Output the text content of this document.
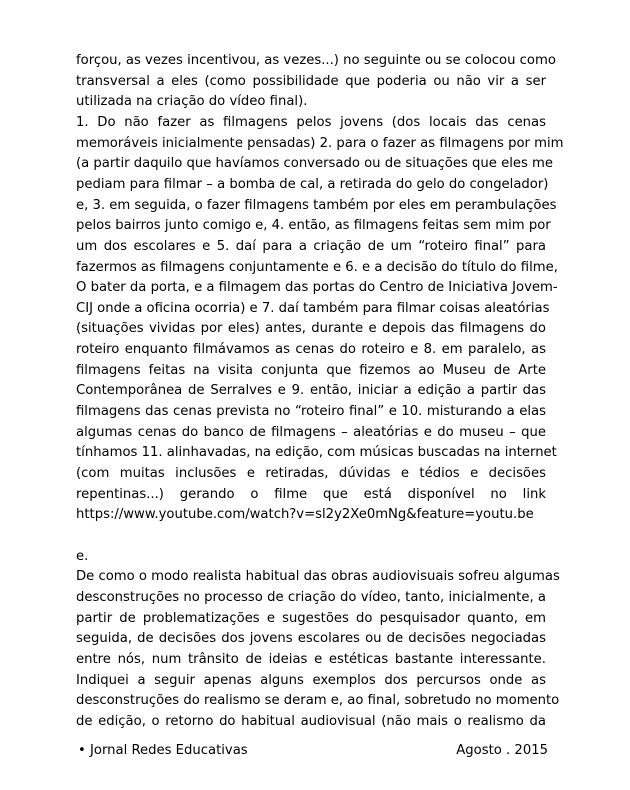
forçou, as vezes incentivou, as vezes...) no seguinte ou se colocou como
transversal a eles (como possibilidade que poderia ou não vir a ser
utilizada na criação do vídeo final).
1. Do não fazer as filmagens pelos jovens (dos locais das cenas
memoráveis inicialmente pensadas) 2. para o fazer as filmagens por mim
(a partir daquilo que havíamos conversado ou de situações que eles me
pediam para filmar – a bomba de cal, a retirada do gelo do congelador)
e, 3. em seguida, o fazer filmagens também por eles em perambulações
pelos bairros junto comigo e, 4. então, as filmagens feitas sem mim por
um dos escolares e 5. daí para a criação de um “roteiro final” para
fazermos as filmagens conjuntamente e 6. e a decisão do título do filme,
O bater da porta, e a filmagem das portas do Centro de Iniciativa Jovem-
CIJ onde a oficina ocorria) e 7. daí também para filmar coisas aleatórias
(situações vividas por eles) antes, durante e depois das filmagens do
roteiro enquanto filmávamos as cenas do roteiro e 8. em paralelo, as
filmagens feitas na visita conjunta que fizemos ao Museu de Arte
Contemporânea de Serralves e 9. então, iniciar a edição a partir das
filmagens das cenas prevista no “roteiro final” e 10. misturando a elas
algumas cenas do banco de filmagens – aleatórias e do museu – que
tínhamos 11. alinhavadas, na edição, com músicas buscadas na internet
(com muitas inclusões e retiradas, dúvidas e tédios e decisões
repentinas...) gerando o filme que está disponível no link
https://www.youtube.com/watch?v=sl2y2Xe0mNg&feature=youtu.be
e.
De como o modo realista habitual das obras audiovisuais sofreu algumas
desconstruções no processo de criação do vídeo, tanto, inicialmente, a
partir de problematizações e sugestões do pesquisador quanto, em
seguida, de decisões dos jovens escolares ou de decisões negociadas
entre nós, num trânsito de ideias e estéticas bastante interessante.
Indiquei a seguir apenas alguns exemplos dos percursos onde as
desconstruções do realismo se deram e, ao final, sobretudo no momento
de edição, o retorno do habitual audiovisual (não mais o realismo da
• Jornal Redes Educativas	Agosto . 2015
